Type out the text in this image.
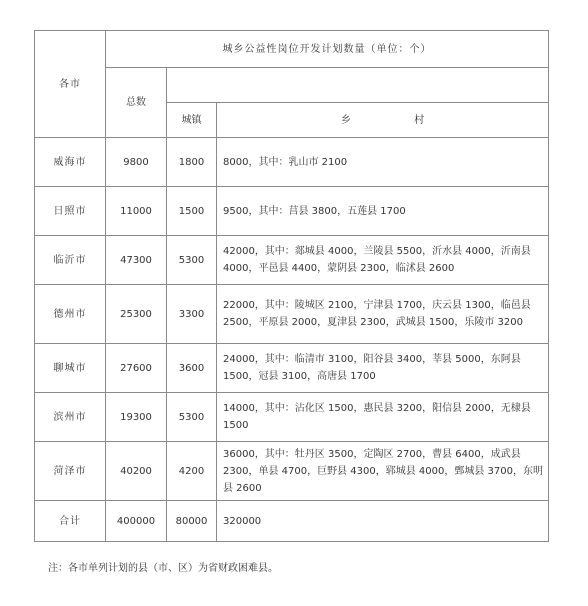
各市	城乡公益性岗位开发计划数量（单位：个）		
	总数		
		城镇	乡 村
威海市	9800	1800	8000，其中：乳山市 2100
日照市	11000	1500	9500，其中：莒县 3800，五莲县 1700
临沂市	47300	5300	42000，其中：郯城县 4000，兰陵县 5500，沂水县 4000，沂南县 4000，平邑县 4400，蒙阴县 2300，临沭县 2600
德州市	25300	3300	22000，其中：陵城区 2100，宁津县 1700，庆云县 1300，临邑县 2500，平原县 2000，夏津县 2300，武城县 1500，乐陵市 3200
聊城市	27600	3600	24000，其中：临清市 3100，阳谷县 3400，莘县 5000，东阿县 1500，冠县 3100，高唐县 1700
滨州市	19300	5300	14000，其中：沾化区 1500，惠民县 3200，阳信县 2000，无棣县 1500
菏泽市	40200	4200	36000，其中：牡丹区 3500，定陶区 2700，曹县 6400，成武县 2300，单县 4700，巨野县 4300，郓城县 4000，鄄城县 3700，东明县 2600
合计	400000	80000	320000
注：各市单列计划的县（市、区）为省财政困难县。
